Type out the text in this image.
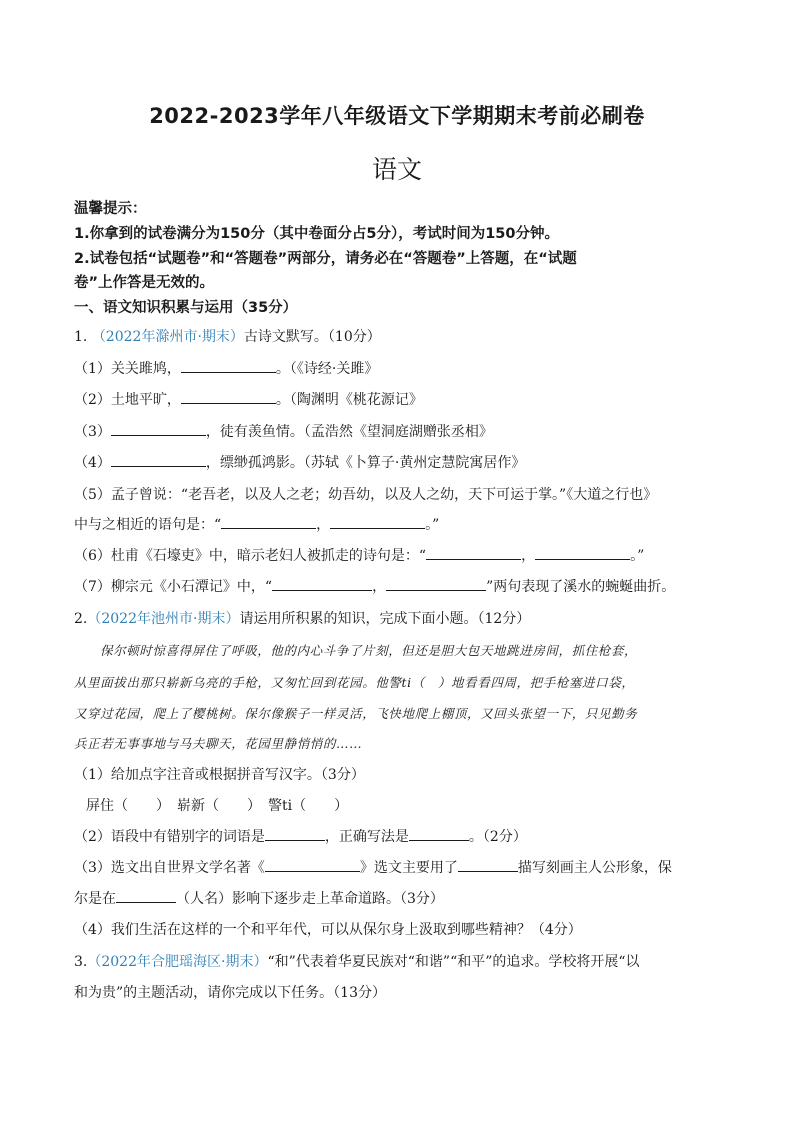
2022-2023学年八年级语文下学期期末考前必刷卷
语文
温馨提示：
1.你拿到的试卷满分为150分（其中卷面分占5分），考试时间为150分钟。
2.试卷包括“试题卷”和“答题卷”两部分，请务必在“答题卷”上答题，在“试题
卷”上作答是无效的。
一、语文知识积累与运用（35分）
1. （2022年滁州市·期末）古诗文默写。（10分）
（1）关关雎鸠，	。（《诗经·关雎》
（2）土地平旷，	。（陶渊明《桃花源记》
（3）	，徒有羡鱼情。（孟浩然《望洞庭湖赠张丞相》
（4）	，缥缈孤鸿影。（苏轼《卜算子·黄州定慧院寓居作》
（5）孟子曾说：“老吾老，以及人之老；幼吾幼，以及人之幼，天下可运于掌。”《大道之行也》
中与之相近的语句是：“	，	。”
（6）杜甫《石壕吏》中，暗示老妇人被抓走的诗句是：“	，	。”
（7）柳宗元《小石潭记》中，“	，	”两句表现了溪水的蜿蜒曲折。
2.（2022年池州市·期末）请运用所积累的知识，完成下面小题。（12分）
保尔顿时惊喜得屏住了呼吸，他的内心斗争了片刻，但还是胆大包天地跳进房间，抓住枪套，
从里面拔出那只崭新乌亮的手枪，又匆忙回到花园。他警ti（　）地看看四周，把手枪塞进口袋，
又穿过花园，爬上了樱桃树。保尔像猴子一样灵活，飞快地爬上棚顶，又回头张望一下，只见勤务
兵正若无事事地与马夫聊天，花园里静悄悄的……
（1）给加点字注音或根据拼音写汉字。（3分）
屏住（　　）　崭新（　　）　警ti（　　）
（2）语段中有错别字的词语是	，正确写法是	。（2分）
（3）选文出自世界文学名著《	》选文主要用了	描写刻画主人公形象，保
尔是在	（人名）影响下逐步走上革命道路。（3分）
（4）我们生活在这样的一个和平年代，可以从保尔身上汲取到哪些精神？（4分）
3.（2022年合肥瑶海区·期末）“和”代表着华夏民族对“和谐”“和平”的追求。学校将开展“以
和为贵”的主题活动，请你完成以下任务。（13分）
